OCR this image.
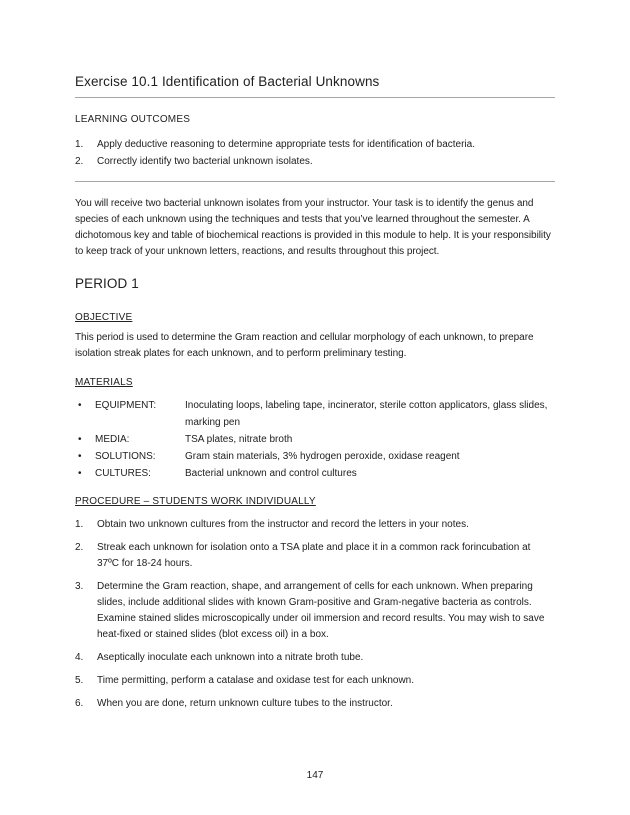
Exercise 10.1 Identification of Bacterial Unknowns
LEARNING OUTCOMES
1.	Apply deductive reasoning to determine appropriate tests for identification of bacteria.
2.	Correctly identify two bacterial unknown isolates.

You will receive two bacterial unknown isolates from your instructor. Your task is to identify the genus and species of each unknown using the techniques and tests that you’ve learned throughout the semester. A dichotomous key and table of biochemical reactions is provided in this module to help. It is your responsibility to keep track of your unknown letters, reactions, and results throughout this project.

PERIOD 1
OBJECTIVE

This period is used to determine the Gram reaction and cellular morphology of each unknown, to prepare isolation streak plates for each unknown, and to perform preliminary testing.

MATERIALS
•	EQUIPMENT:	Inoculating loops, labeling tape, incinerator, sterile cotton applicators, glass slides, marking pen
•	MEDIA:	TSA plates, nitrate broth
•	SOLUTIONS:	Gram stain materials, 3% hydrogen peroxide, oxidase reagent
•	CULTURES:	Bacterial unknown and control cultures
PROCEDURE – STUDENTS WORK INDIVIDUALLY
1.	Obtain two unknown cultures from the instructor and record the letters in your notes.
2.	Streak each unknown for isolation onto a TSA plate and place it in a common rack forincubation at 37ºC for 18-24 hours.
3.	Determine the Gram reaction, shape, and arrangement of cells for each unknown. When preparing slides, include additional slides with known Gram-positive and Gram-negative bacteria as controls. Examine stained slides microscopically under oil immersion and record results. You may wish to save heat-fixed or stained slides (blot excess oil) in a box.
4.	Aseptically inoculate each unknown into a nitrate broth tube.
5.	Time permitting, perform a catalase and oxidase test for each unknown.
6.	When you are done, return unknown culture tubes to the instructor.
147
